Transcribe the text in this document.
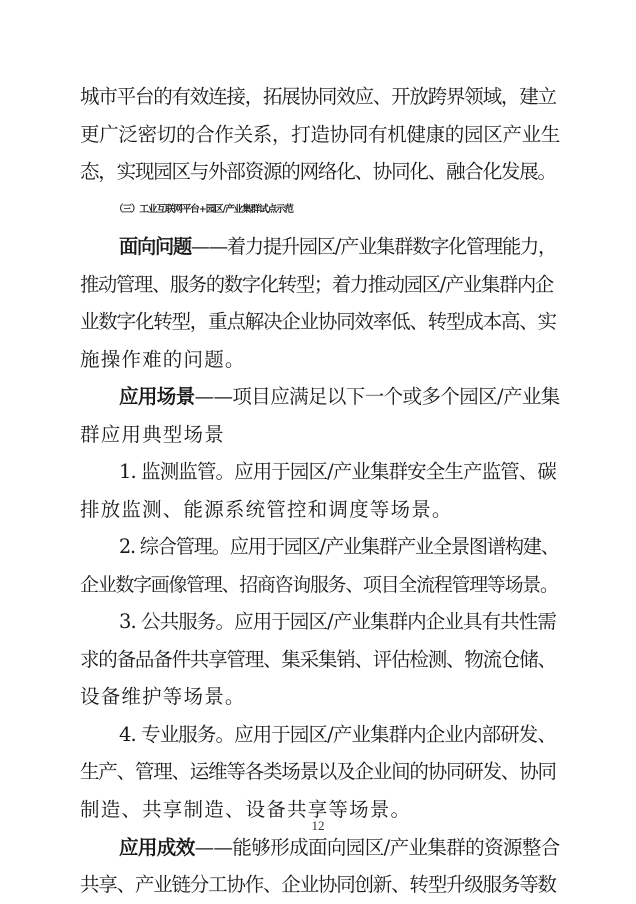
城市平台的有效连接，拓展协同效应、开放跨界领域，建立
更广泛密切的合作关系，打造协同有机健康的园区产业生
态，实现园区与外部资源的网络化、协同化、融合化发展。
（三）工业互联网平台+园区/产业集群试点示范
面向问题——着力提升园区/产业集群数字化管理能力，
推动管理、服务的数字化转型；着力推动园区/产业集群内企
业数字化转型，重点解决企业协同效率低、转型成本高、实
施操作难的问题。
应用场景——项目应满足以下一个或多个园区/产业集
群应用典型场景
1. 监测监管。应用于园区/产业集群安全生产监管、碳
排放监测、能源系统管控和调度等场景。
2. 综合管理。应用于园区/产业集群产业全景图谱构建、
企业数字画像管理、招商咨询服务、项目全流程管理等场景。
3. 公共服务。应用于园区/产业集群内企业具有共性需
求的备品备件共享管理、集采集销、评估检测、物流仓储、
设备维护等场景。
4. 专业服务。应用于园区/产业集群内企业内部研发、
生产、管理、运维等各类场景以及企业间的协同研发、协同
制造、共享制造、设备共享等场景。
应用成效——能够形成面向园区/产业集群的资源整合
共享、产业链分工协作、企业协同创新、转型升级服务等数
12
